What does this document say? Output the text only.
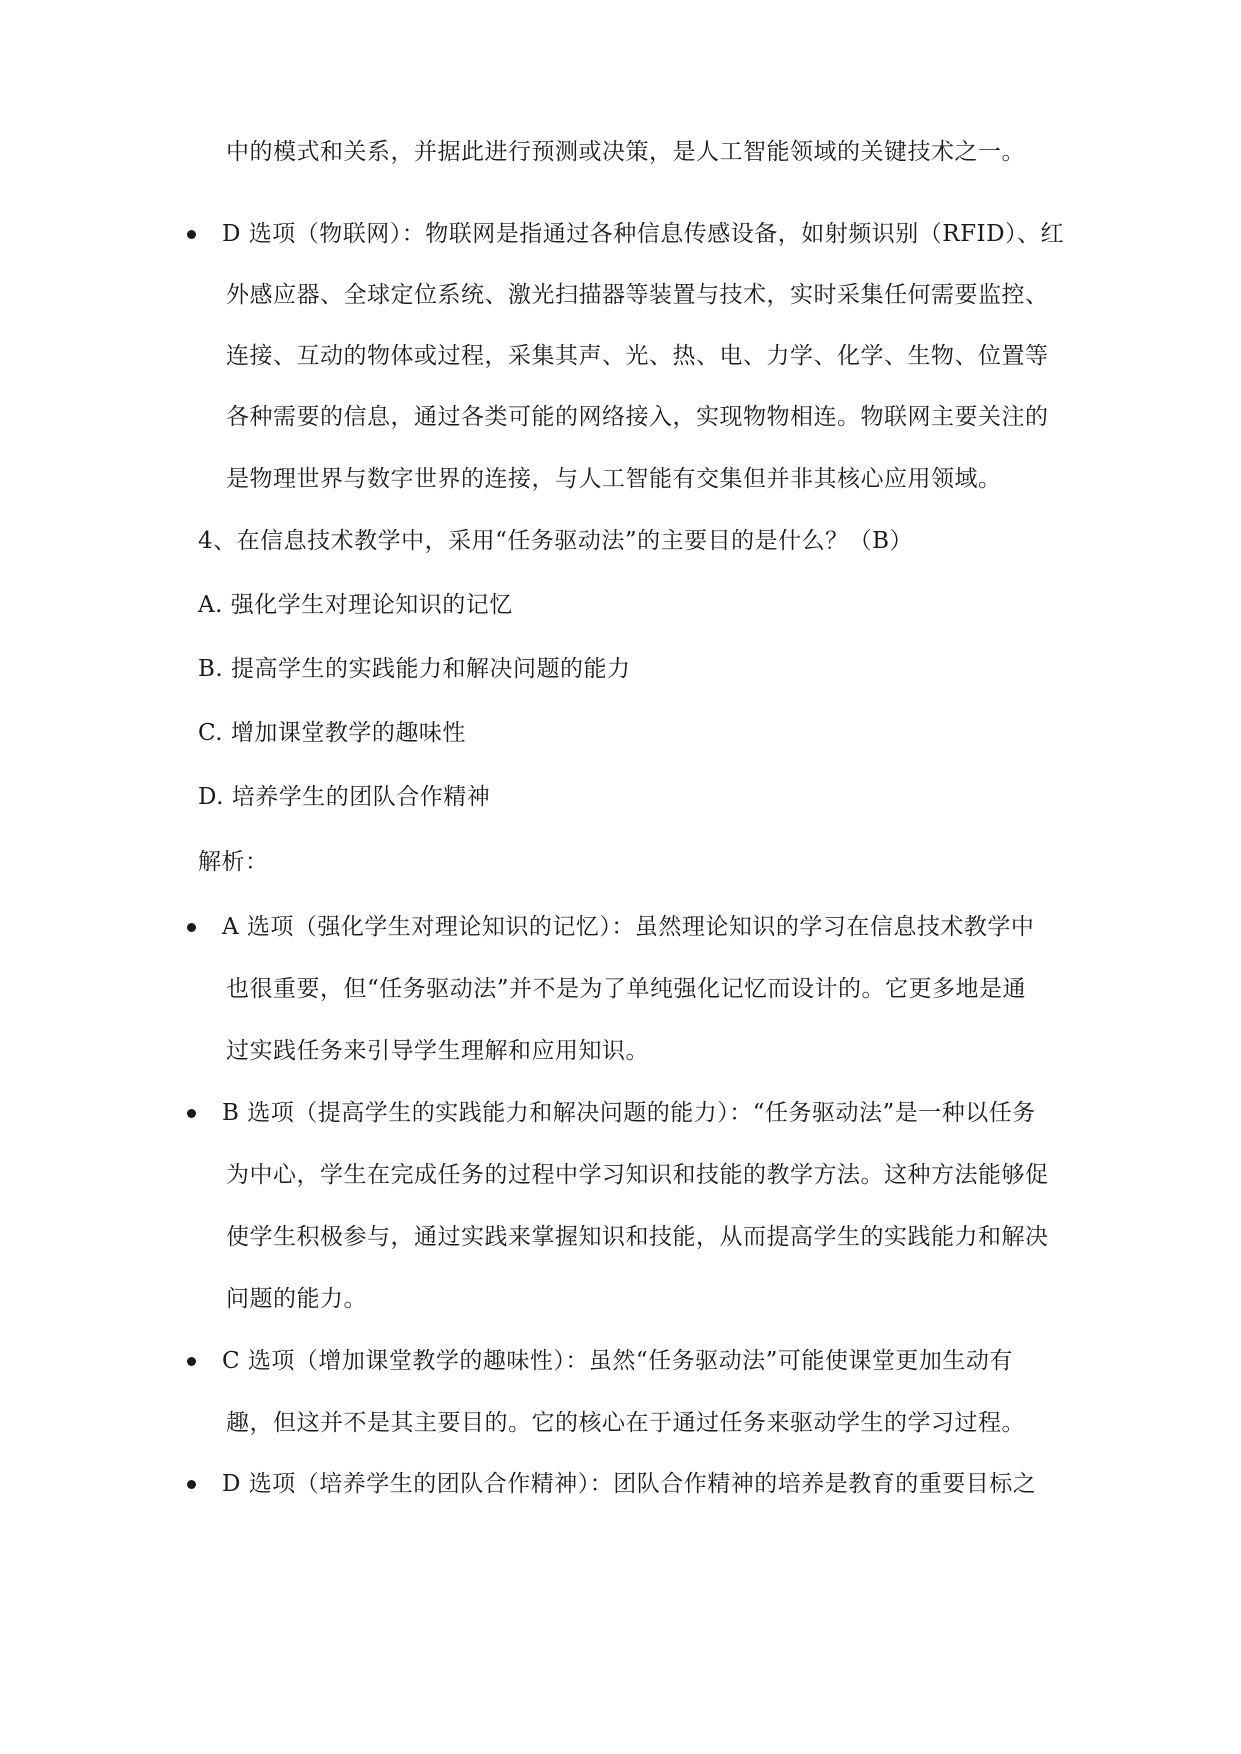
中的模式和关系，并据此进行预测或决策，是人工智能领域的关键技术之一。
D 选项（物联网）：物联网是指通过各种信息传感设备，如射频识别（RFID）、红
外感应器、全球定位系统、激光扫描器等装置与技术，实时采集任何需要监控、
连接、互动的物体或过程，采集其声、光、热、电、力学、化学、生物、位置等
各种需要的信息，通过各类可能的网络接入，实现物物相连。物联网主要关注的
是物理世界与数字世界的连接，与人工智能有交集但并非其核心应用领域。
4、在信息技术教学中，采用“任务驱动法”的主要目的是什么？（B）
A. 强化学生对理论知识的记忆
B. 提高学生的实践能力和解决问题的能力
C. 增加课堂教学的趣味性
D. 培养学生的团队合作精神
解析：
A 选项（强化学生对理论知识的记忆）：虽然理论知识的学习在信息技术教学中
也很重要，但“任务驱动法”并不是为了单纯强化记忆而设计的。它更多地是通
过实践任务来引导学生理解和应用知识。
B 选项（提高学生的实践能力和解决问题的能力）：“任务驱动法”是一种以任务
为中心，学生在完成任务的过程中学习知识和技能的教学方法。这种方法能够促
使学生积极参与，通过实践来掌握知识和技能，从而提高学生的实践能力和解决
问题的能力。
C 选项（增加课堂教学的趣味性）：虽然“任务驱动法”可能使课堂更加生动有
趣，但这并不是其主要目的。它的核心在于通过任务来驱动学生的学习过程。
D 选项（培养学生的团队合作精神）：团队合作精神的培养是教育的重要目标之
